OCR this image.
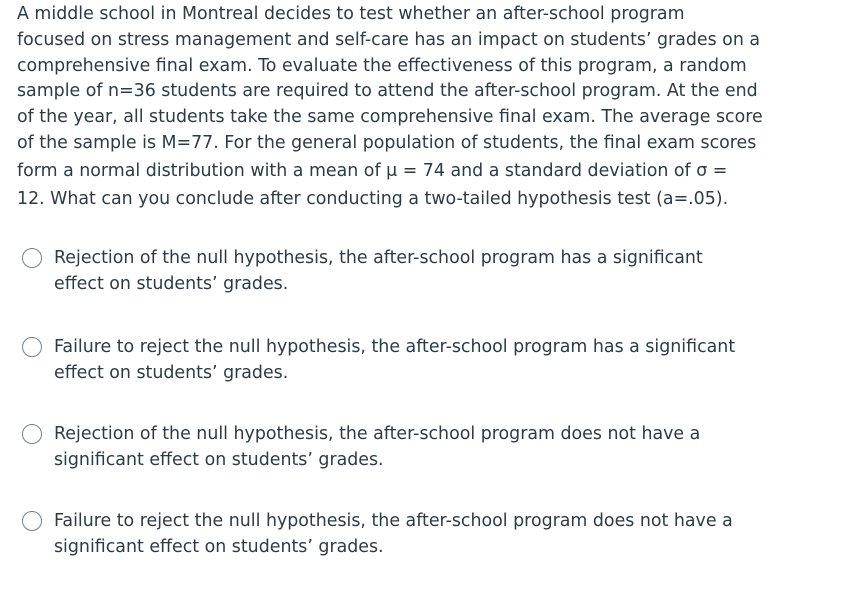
A middle school in Montreal decides to test whether an after-school program
focused on stress management and self-care has an impact on students’ grades on a
comprehensive final exam. To evaluate the effectiveness of this program, a random
sample of n=36 students are required to attend the after-school program. At the end
of the year, all students take the same comprehensive final exam. The average score
of the sample is M=77. For the general population of students, the final exam scores
form a normal distribution with a mean of μ = 74 and a standard deviation of σ =
12. What can you conclude after conducting a two-tailed hypothesis test (a=.05).
Rejection of the null hypothesis, the after-school program has a significant
effect on students’ grades.
Failure to reject the null hypothesis, the after-school program has a significant
effect on students’ grades.
Rejection of the null hypothesis, the after-school program does not have a
significant effect on students’ grades.
Failure to reject the null hypothesis, the after-school program does not have a
significant effect on students’ grades.
